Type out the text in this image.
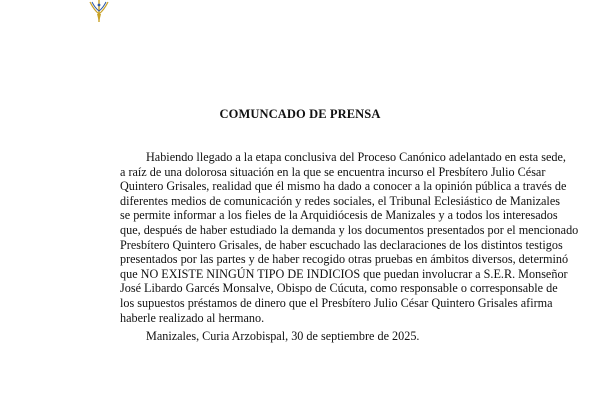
COMUNCADO DE PRENSA

Habiendo llegado a la etapa conclusiva del Proceso Canónico adelantado en esta sede,
a raíz de una dolorosa situación en la que se encuentra incurso el Presbítero Julio César
Quintero Grisales, realidad que él mismo ha dado a conocer a la opinión pública a través de
diferentes medios de comunicación y redes sociales, el Tribunal Eclesiástico de Manizales
se permite informar a los fieles de la Arquidiócesis de Manizales y a todos los interesados
que, después de haber estudiado la demanda y los documentos presentados por el mencionado
Presbítero Quintero Grisales, de haber escuchado las declaraciones de los distintos testigos
presentados por las partes y de haber recogido otras pruebas en ámbitos diversos, determinó
que NO EXISTE NINGÚN TIPO DE INDICIOS que puedan involucrar a S.E.R. Monseñor
José Libardo Garcés Monsalve, Obispo de Cúcuta, como responsable o corresponsable de
los supuestos préstamos de dinero que el Presbítero Julio César Quintero Grisales afirma
haberle realizado al hermano.

Manizales, Curia Arzobispal, 30 de septiembre de 2025.
